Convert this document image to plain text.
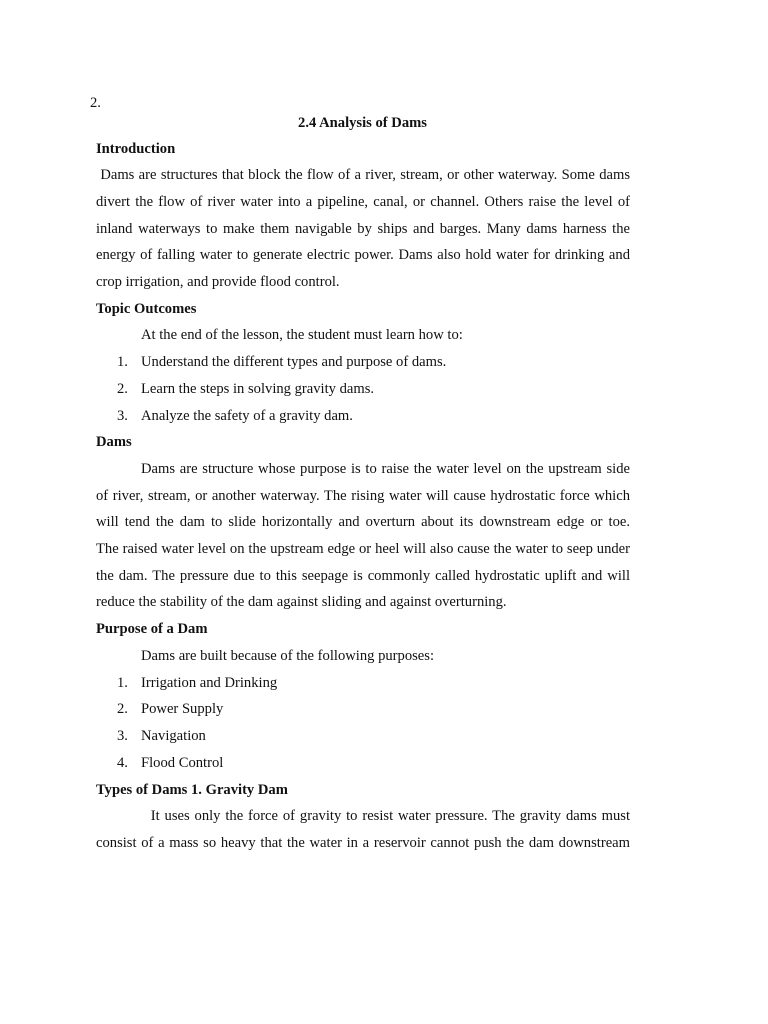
2.
2.4 Analysis of Dams
Introduction
Dams are structures that block the flow of a river, stream, or other waterway. Some dams
divert the flow of river water into a pipeline, canal, or channel. Others raise the level of
inland waterways to make them navigable by ships and barges. Many dams harness the
energy of falling water to generate electric power. Dams also hold water for drinking and
crop irrigation, and provide flood control.
Topic Outcomes
At the end of the lesson, the student must learn how to:
1. Understand the different types and purpose of dams.
2. Learn the steps in solving gravity dams.
3. Analyze the safety of a gravity dam.
Dams
Dams are structure whose purpose is to raise the water level on the upstream side
of river, stream, or another waterway. The rising water will cause hydrostatic force which
will tend the dam to slide horizontally and overturn about its downstream edge or toe.
The raised water level on the upstream edge or heel will also cause the water to seep under
the dam. The pressure due to this seepage is commonly called hydrostatic uplift and will
reduce the stability of the dam against sliding and against overturning.
Purpose of a Dam
Dams are built because of the following purposes:
1. Irrigation and Drinking
2. Power Supply
3. Navigation
4. Flood Control
Types of Dams 1. Gravity Dam
It uses only the force of gravity to resist water pressure. The gravity dams must
consist of a mass so heavy that the water in a reservoir cannot push the dam downstream
